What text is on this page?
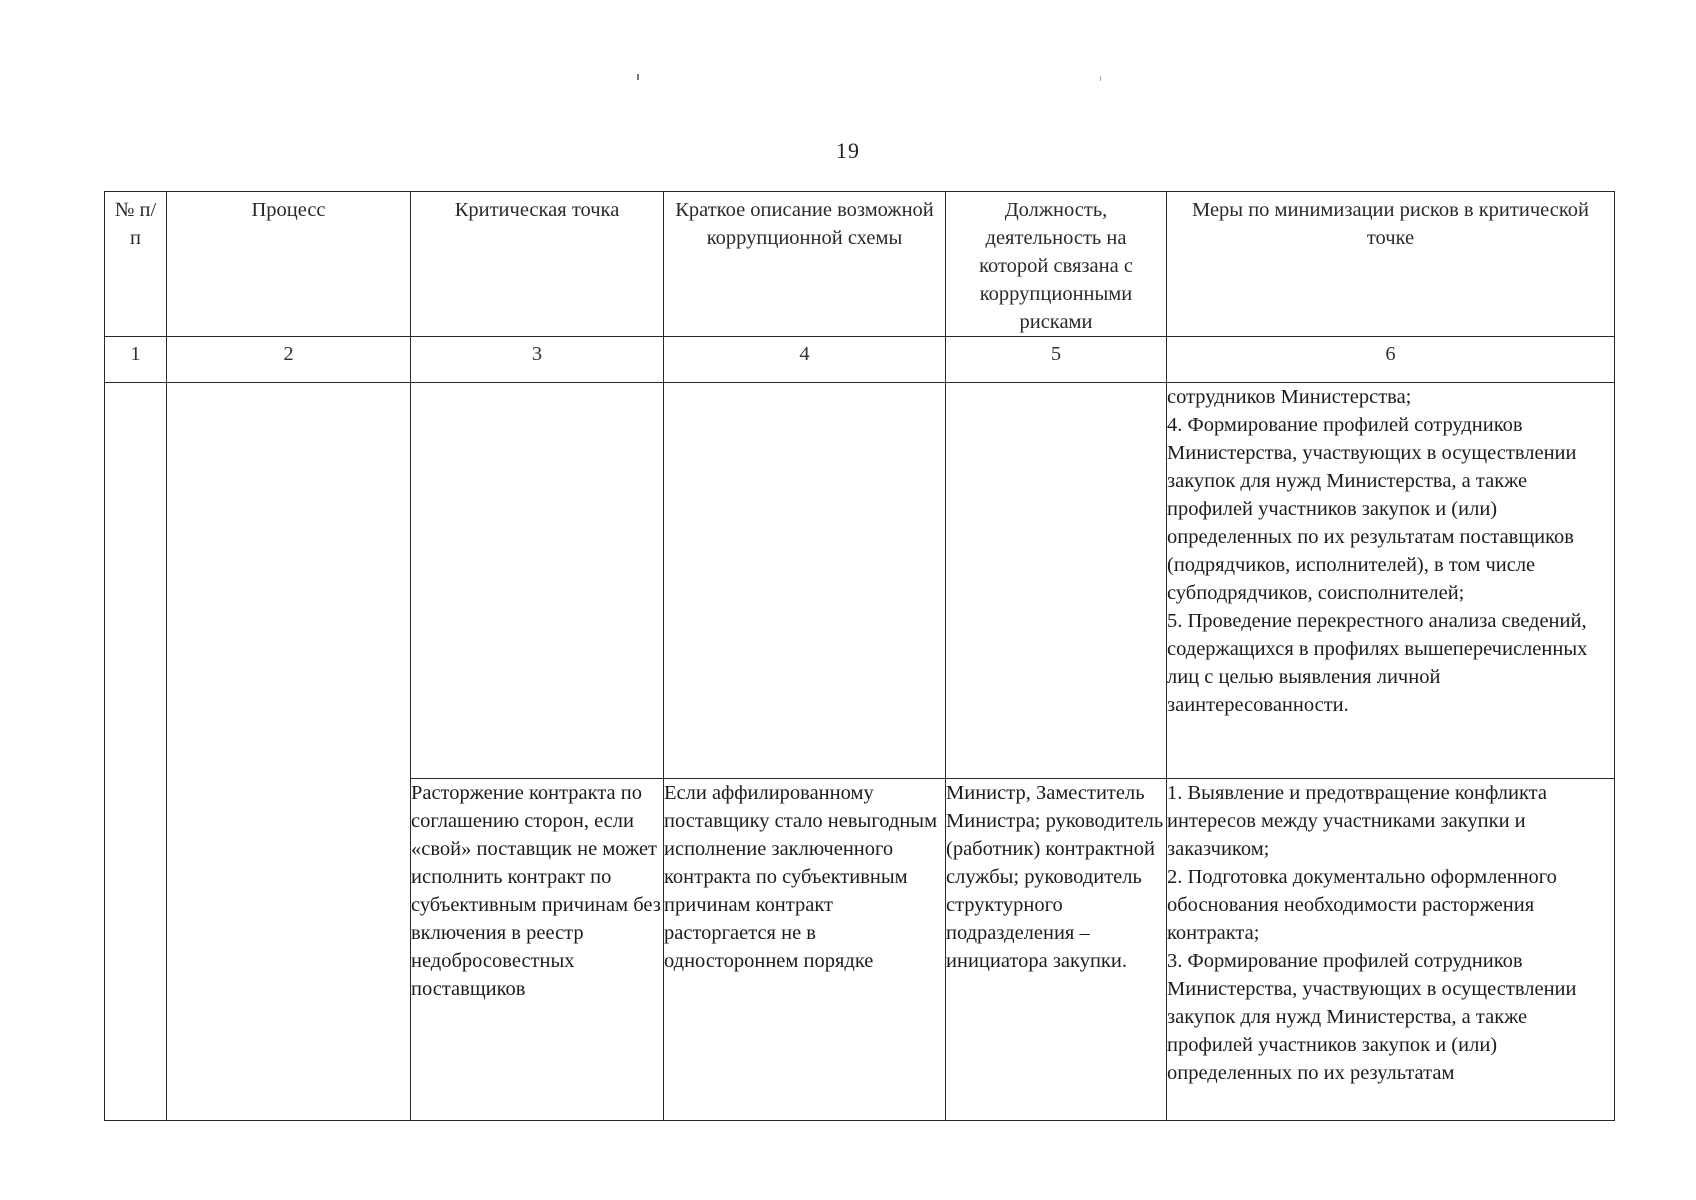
19
№ п/п	Процесс	Критическая точка	Краткое описание возможной коррупционной схемы	Должность, деятельность на которой связана с коррупционными рисками	Меры по минимизации рисков в критической точке
1	2	3	4	5	6
					сотрудников Министерства;
4. Формирование профилей сотрудников Министерства, участвующих в осуществлении закупок для нужд Министерства, а также профилей участников закупок и (или) определенных по их результатам поставщиков (подрядчиков, исполнителей), в том числе субподрядчиков, соисполнителей;
5. Проведение перекрестного анализа сведений, содержащихся в профилях вышеперечисленных лиц с целью выявления личной заинтересованности.
		Расторжение контракта по соглашению сторон, если «свой» поставщик не может исполнить контракт по субъективным причинам без включения в реестр недобросовестных поставщиков	Если аффилированному поставщику стало невыгодным исполнение заключенного контракта по субъективным причинам контракт расторгается не в одностороннем порядке	Министр, Заместитель Министра; руководитель (работник) контрактной службы; руководитель структурного подразделения – инициатора закупки.	1. Выявление и предотвращение конфликта интересов между участниками закупки и заказчиком;
2. Подготовка документально оформленного обоснования необходимости расторжения контракта;
3. Формирование профилей сотрудников Министерства, участвующих в осуществлении закупок для нужд Министерства, а также профилей участников закупок и (или) определенных по их результатам
